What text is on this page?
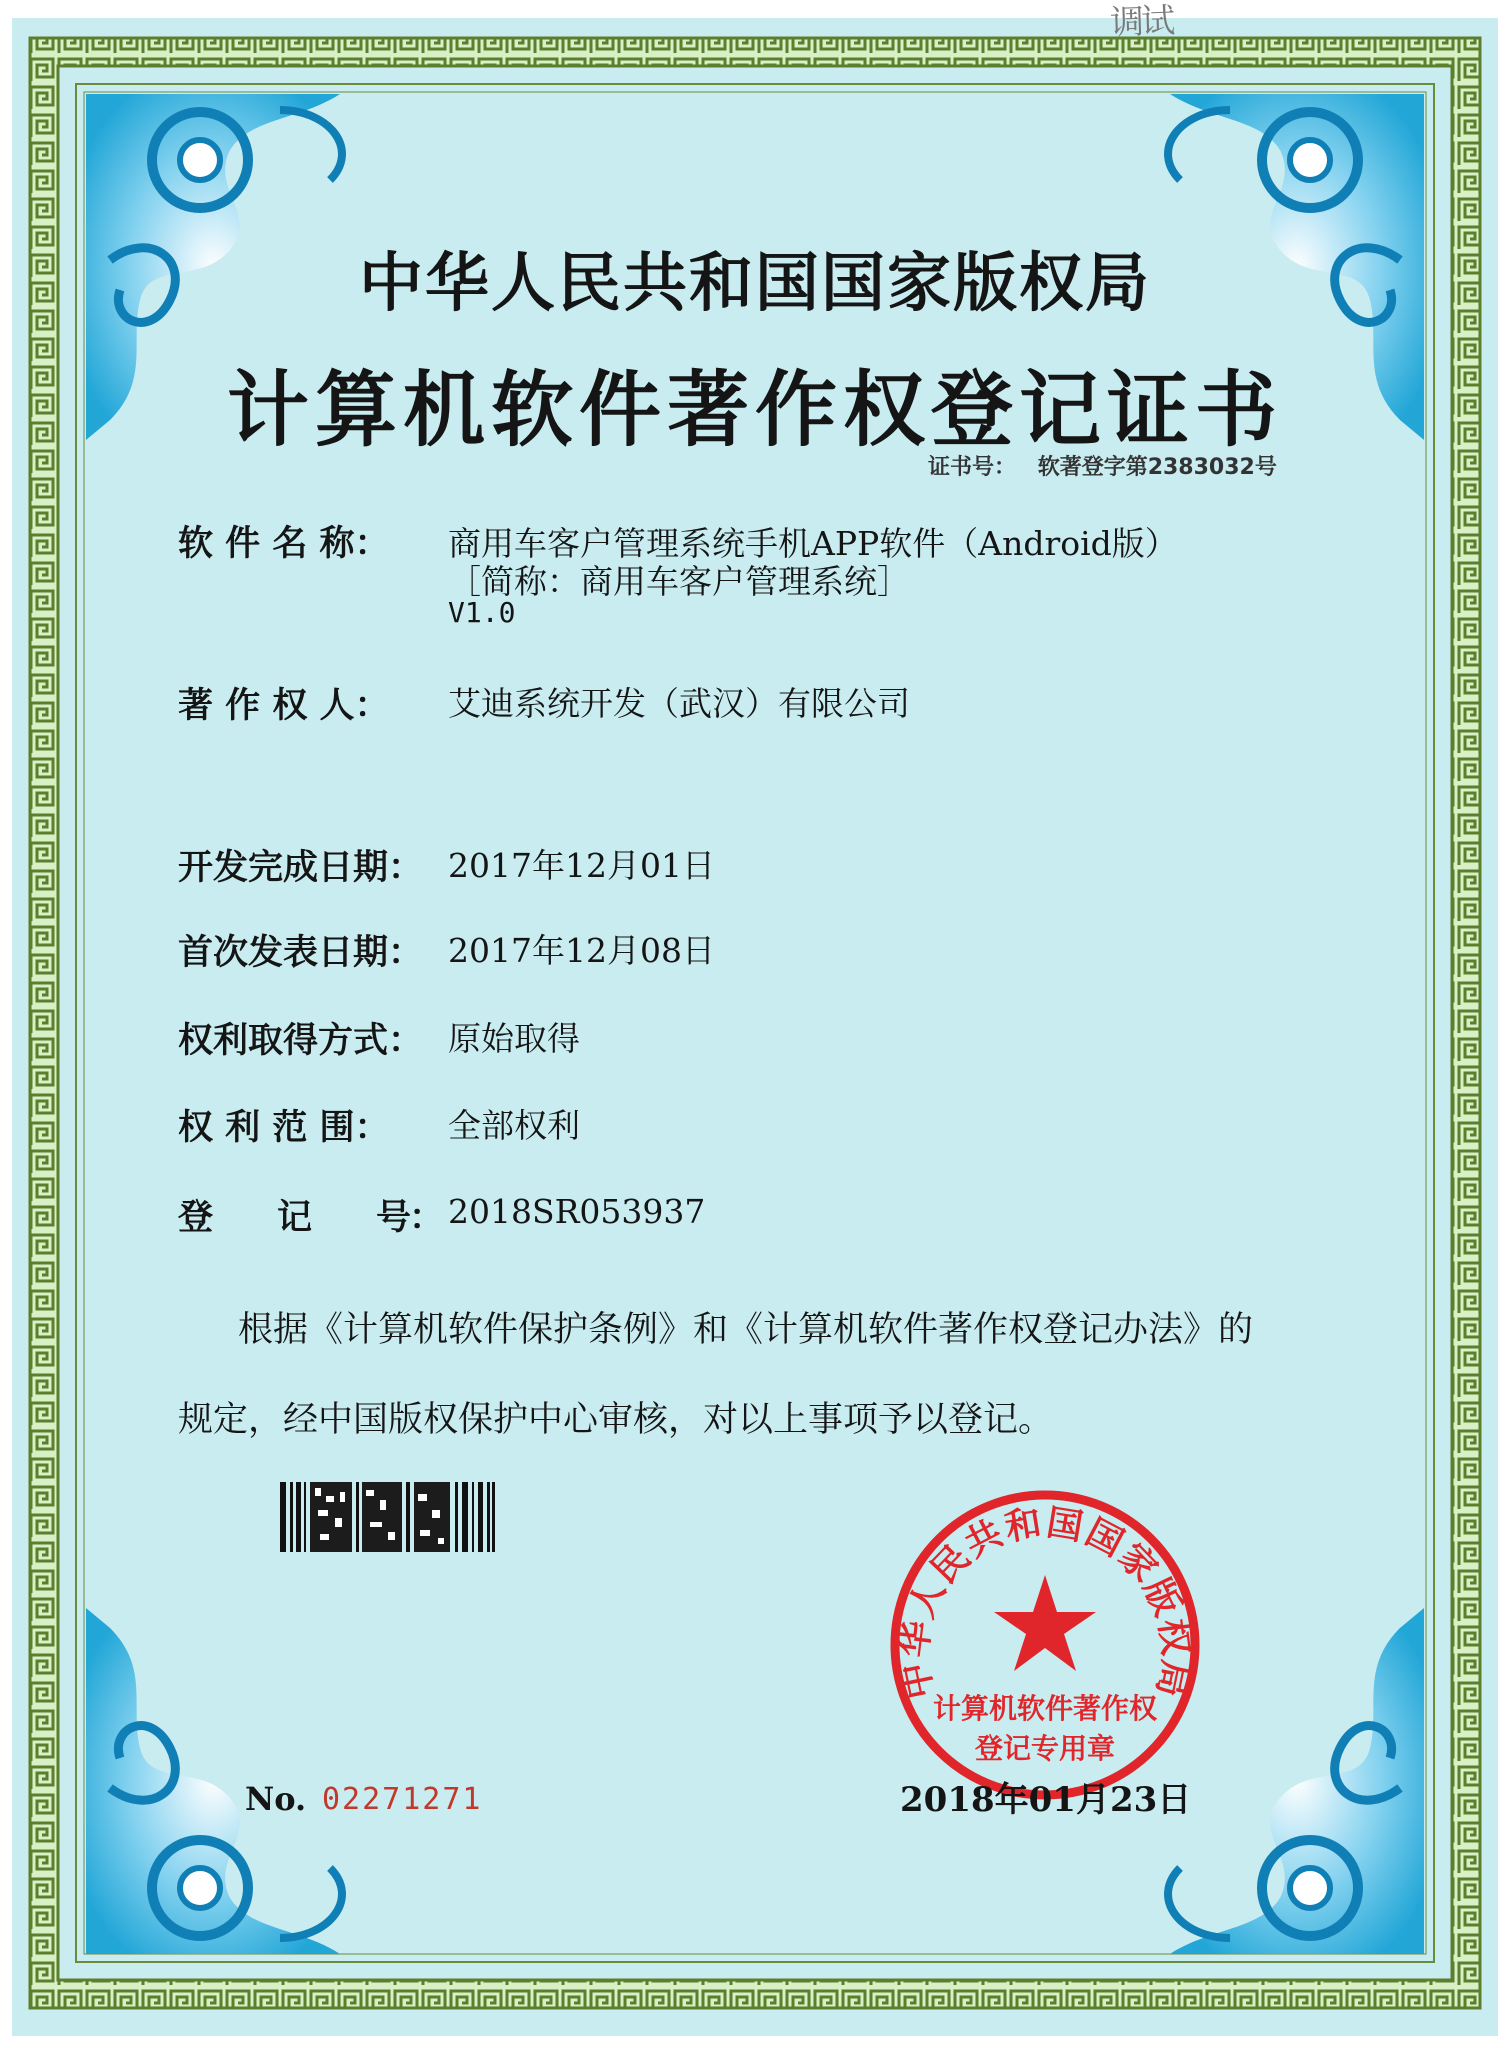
调试
中华人民共和国国家版权局
计算机软件著作权登记证书
证书号： 软著登字第2383032号
软 件 名 称： 商用车客户管理系统手机APP软件（Android版）
［简称：商用车客户管理系统］
V1.0
著 作 权 人： 艾迪系统开发（武汉）有限公司
开发完成日期： 2017年12月01日
首次发表日期： 2017年12月08日
权利取得方式： 原始取得
权 利 范 围： 全部权利
登　　记　　号： 2018SR053937
根据《计算机软件保护条例》和《计算机软件著作权登记办法》的
规定，经中国版权保护中心审核，对以上事项予以登记。
No. 02271271
中华人民共和国国家版权局
计算机软件著作权
登记专用章
2018年01月23日
